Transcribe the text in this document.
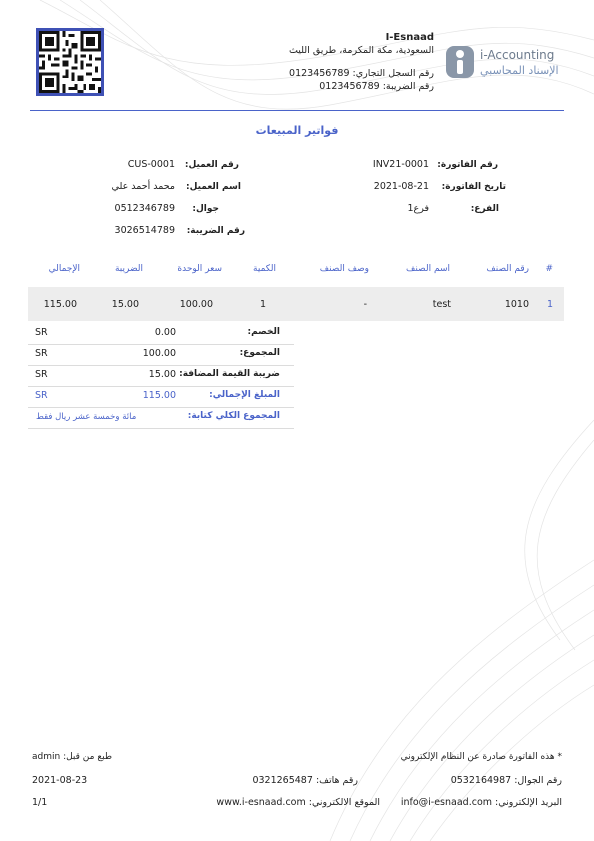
I-Esnaad
السعودية، مكة المكرمة، طريق الليث
رقم السجل التجاري: 0123456789
رقم الضريبة: 0123456789
i-Accounting
الإسناد المحاسبي
فواتير المبيعات
رقم الفاتورة:
INV21-0001
تاريخ الفاتورة:
2021-08-21
الفرع:
فرع1
رقم العميل:
CUS-0001
اسم العميل:
محمد أحمد علي
جوال:
0512346789
رقم الضريبة:
3026514789
#
رقم الصنف
اسم الصنف
وصف الصنف
الكمية
سعر الوحدة
الضريبة
الإجمالي
1
1010
test
-
1
100.00
15.00
115.00
الخصم:
0.00
SR
المجموع:
100.00
SR
ضريبة القيمة المضافة:
15.00
SR
المبلغ الإجمالي:
115.00
SR
المجموع الكلي كتابة:
مائة وخمسة عشر ريال فقط
* هذه الفاتورة صادرة عن النظام الإلكتروني
طبع من قبل: admin
رقم الجوال: 0532164987
رقم هاتف: 0321265487
2021-08-23
البريد الإلكتروني: info@i-esnaad.com
الموقع الالكتروني: www.i-esnaad.com
1/1
